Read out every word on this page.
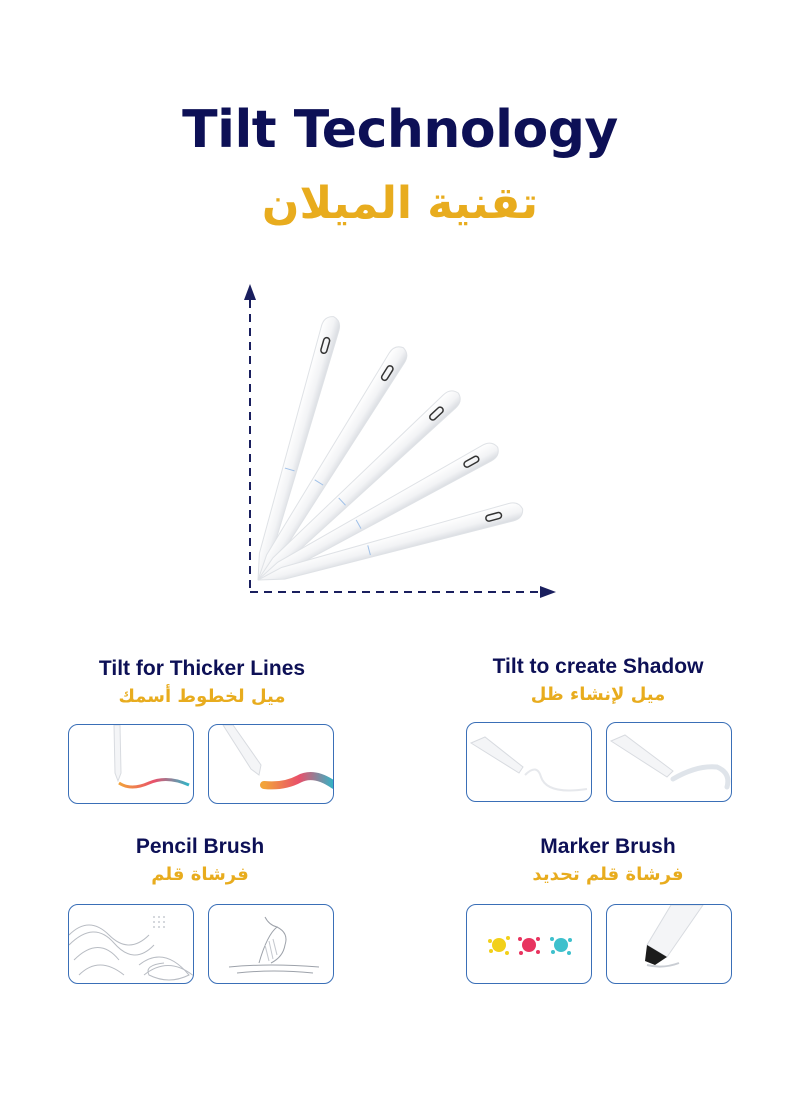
Tilt Technology
تقنية الميلان
Tilt for Thicker Lines
ميل لخطوط أسمك
Tilt to create Shadow
ميل لإنشاء ظل
Pencil Brush
فرشاة قلم
Marker Brush
فرشاة قلم تحديد
